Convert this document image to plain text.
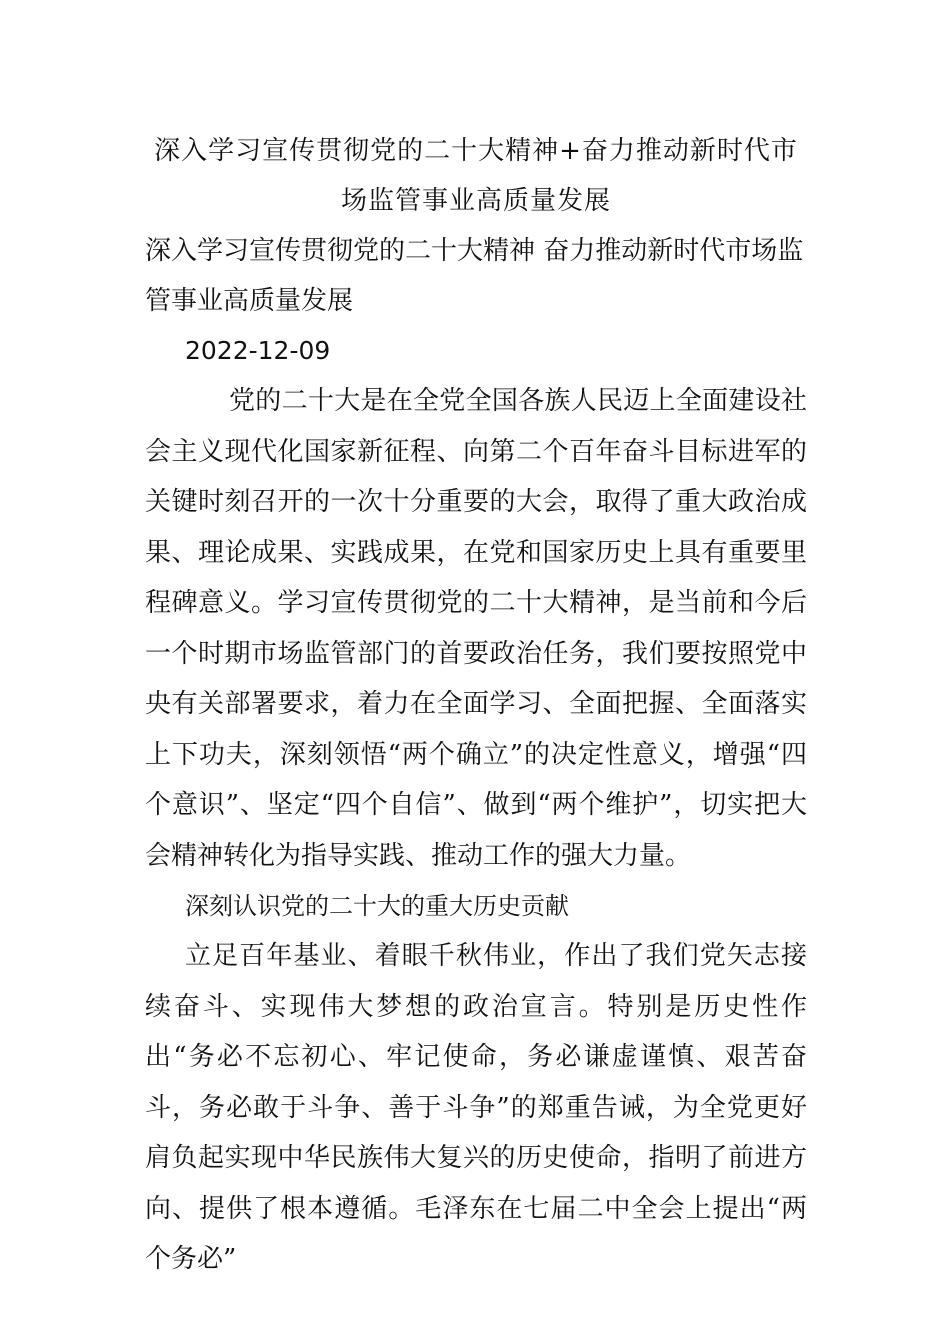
深入学习宣传贯彻党的二十大精神+奋力推动新时代市场监管事业高质量发展

深入学习宣传贯彻党的二十大精神 奋力推动新时代市场监管事业高质量发展

2022-12-09

党的二十大是在全党全国各族人民迈上全面建设社会主义现代化国家新征程、向第二个百年奋斗目标进军的关键时刻召开的一次十分重要的大会，取得了重大政治成果、理论成果、实践成果，在党和国家历史上具有重要里程碑意义。学习宣传贯彻党的二十大精神，是当前和今后一个时期市场监管部门的首要政治任务，我们要按照党中央有关部署要求，着力在全面学习、全面把握、全面落实上下功夫，深刻领悟“两个确立”的决定性意义，增强“四个意识”、坚定“四个自信”、做到“两个维护”，切实把大会精神转化为指导实践、推动工作的强大力量。

深刻认识党的二十大的重大历史贡献

立足百年基业、着眼千秋伟业，作出了我们党矢志接续奋斗、实现伟大梦想的政治宣言。特别是历史性作出“务必不忘初心、牢记使命，务必谦虚谨慎、艰苦奋斗，务必敢于斗争、善于斗争”的郑重告诫，为全党更好肩负起实现中华民族伟大复兴的历史使命，指明了前进方向、提供了根本遵循。毛泽东在七届二中全会上提出“两个务必”
